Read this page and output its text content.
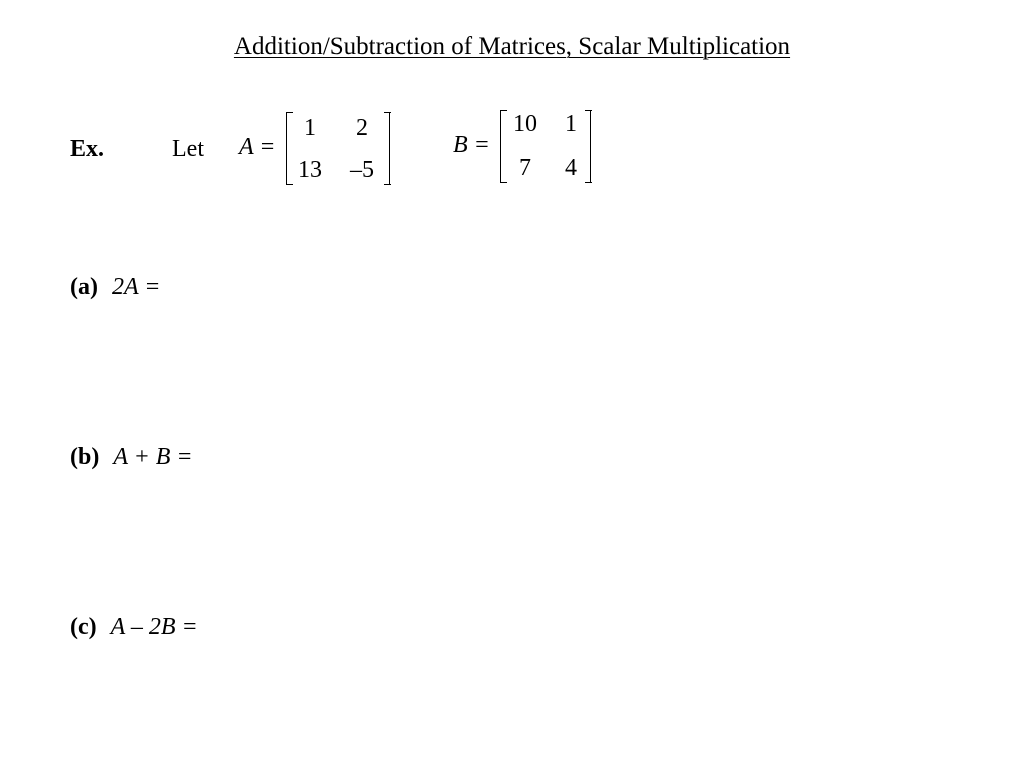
Addition/Subtraction of Matrices, Scalar Multiplication
Ex.	Let A =
1	2
13	–5
B =
10	1
7	4
(a) 2A =
(b) A + B =
(c) A – 2B =
